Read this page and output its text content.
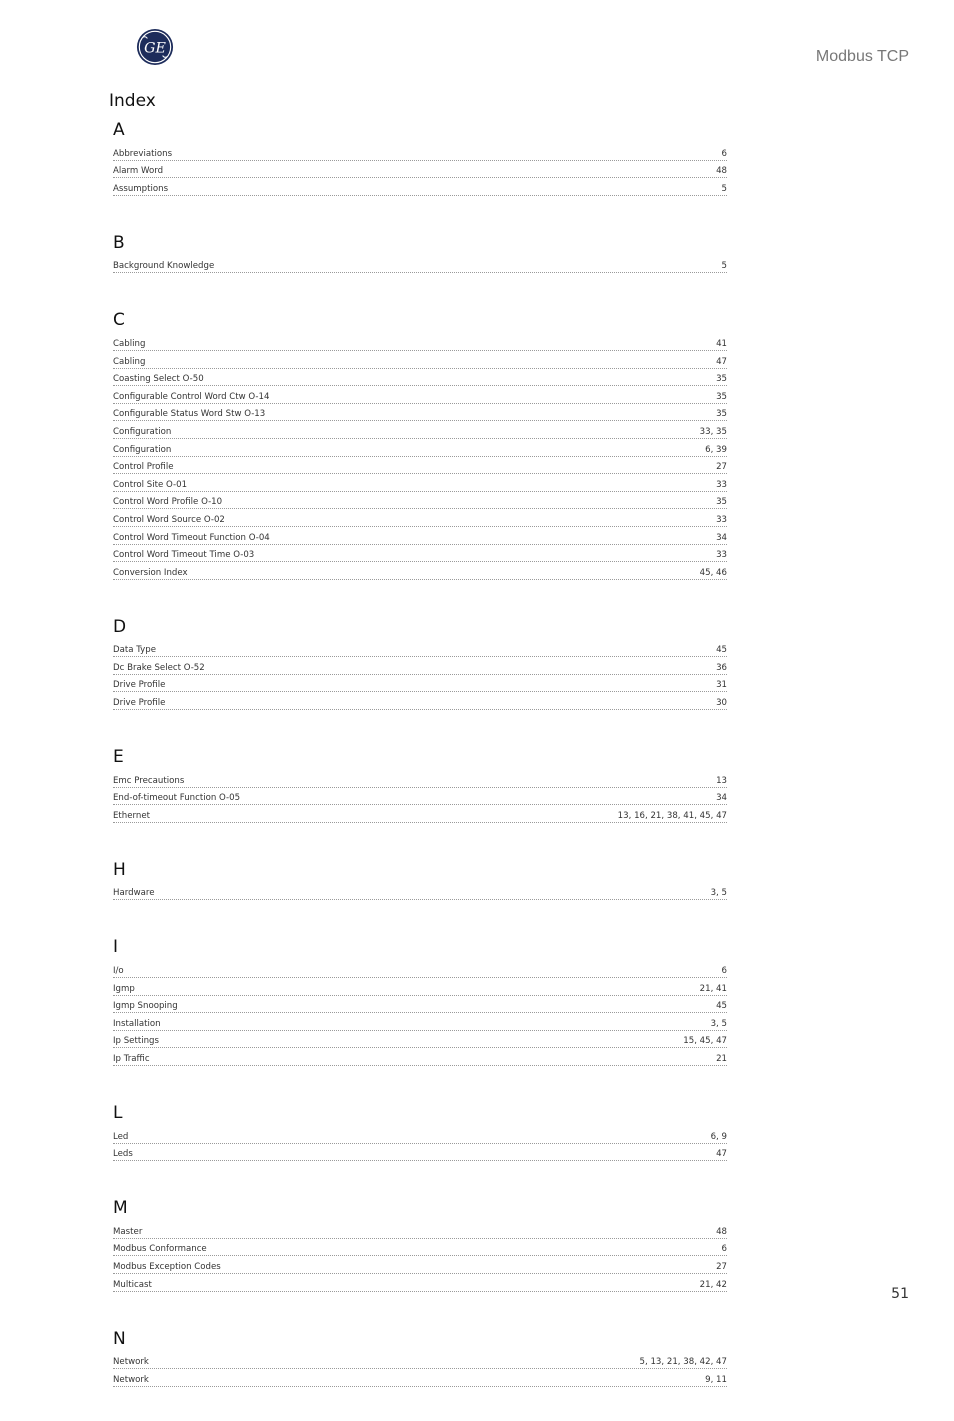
GE	Modbus TCP
Index
A
Abbreviations	6
Alarm Word	48
Assumptions	5
B
Background Knowledge	5
C
Cabling	41
Cabling	47
Coasting Select O-50	35
Configurable Control Word Ctw O-14	35
Configurable Status Word Stw O-13	35
Configuration	33, 35
Configuration	6, 39
Control Profile	27
Control Site O-01	33
Control Word Profile O-10	35
Control Word Source O-02	33
Control Word Timeout Function O-04	34
Control Word Timeout Time O-03	33
Conversion Index	45, 46
D
Data Type	45
Dc Brake Select O-52	36
Drive Profile	31
Drive Profile	30
E
Emc Precautions	13
End-of-timeout Function O-05	34
Ethernet	13, 16, 21, 38, 41, 45, 47
H
Hardware	3, 5
I
I/o	6
Igmp	21, 41
Igmp Snooping	45
Installation	3, 5
Ip Settings	15, 45, 47
Ip Traffic	21
L
Led	6, 9
Leds	47
M
Master	48
Modbus Conformance	6
Modbus Exception Codes	27
Multicast	21, 42
N
Network	5, 13, 21, 38, 42, 47
Network	9, 11
51
